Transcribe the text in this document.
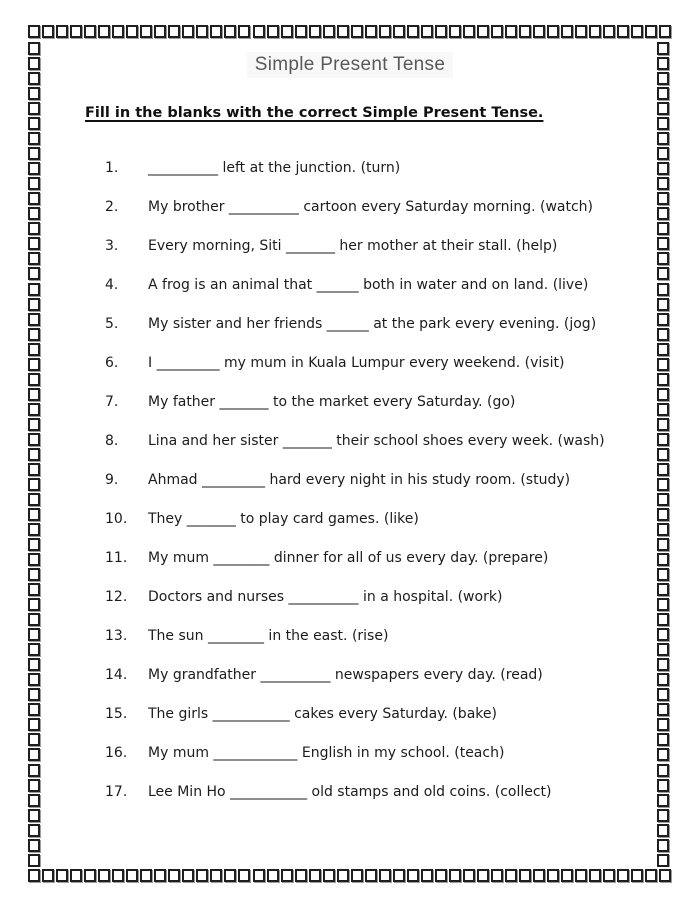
Simple Present Tense
Fill in the blanks with the correct Simple Present Tense.
1.	__________ left at the junction. (turn)
2.	My brother __________ cartoon every Saturday morning. (watch)
3.	Every morning, Siti _______ her mother at their stall. (help)
4.	A frog is an animal that ______ both in water and on land. (live)
5.	My sister and her friends ______ at the park every evening. (jog)
6.	I _________ my mum in Kuala Lumpur every weekend. (visit)
7.	My father _______ to the market every Saturday. (go)
8.	Lina and her sister _______ their school shoes every week. (wash)
9.	Ahmad _________ hard every night in his study room. (study)
10.	They _______ to play card games. (like)
11.	My mum ________ dinner for all of us every day. (prepare)
12.	Doctors and nurses __________ in a hospital. (work)
13.	The sun ________ in the east. (rise)
14.	My grandfather __________ newspapers every day. (read)
15.	The girls ___________ cakes every Saturday. (bake)
16.	My mum ____________ English in my school. (teach)
17.	Lee Min Ho ___________ old stamps and old coins. (collect)
